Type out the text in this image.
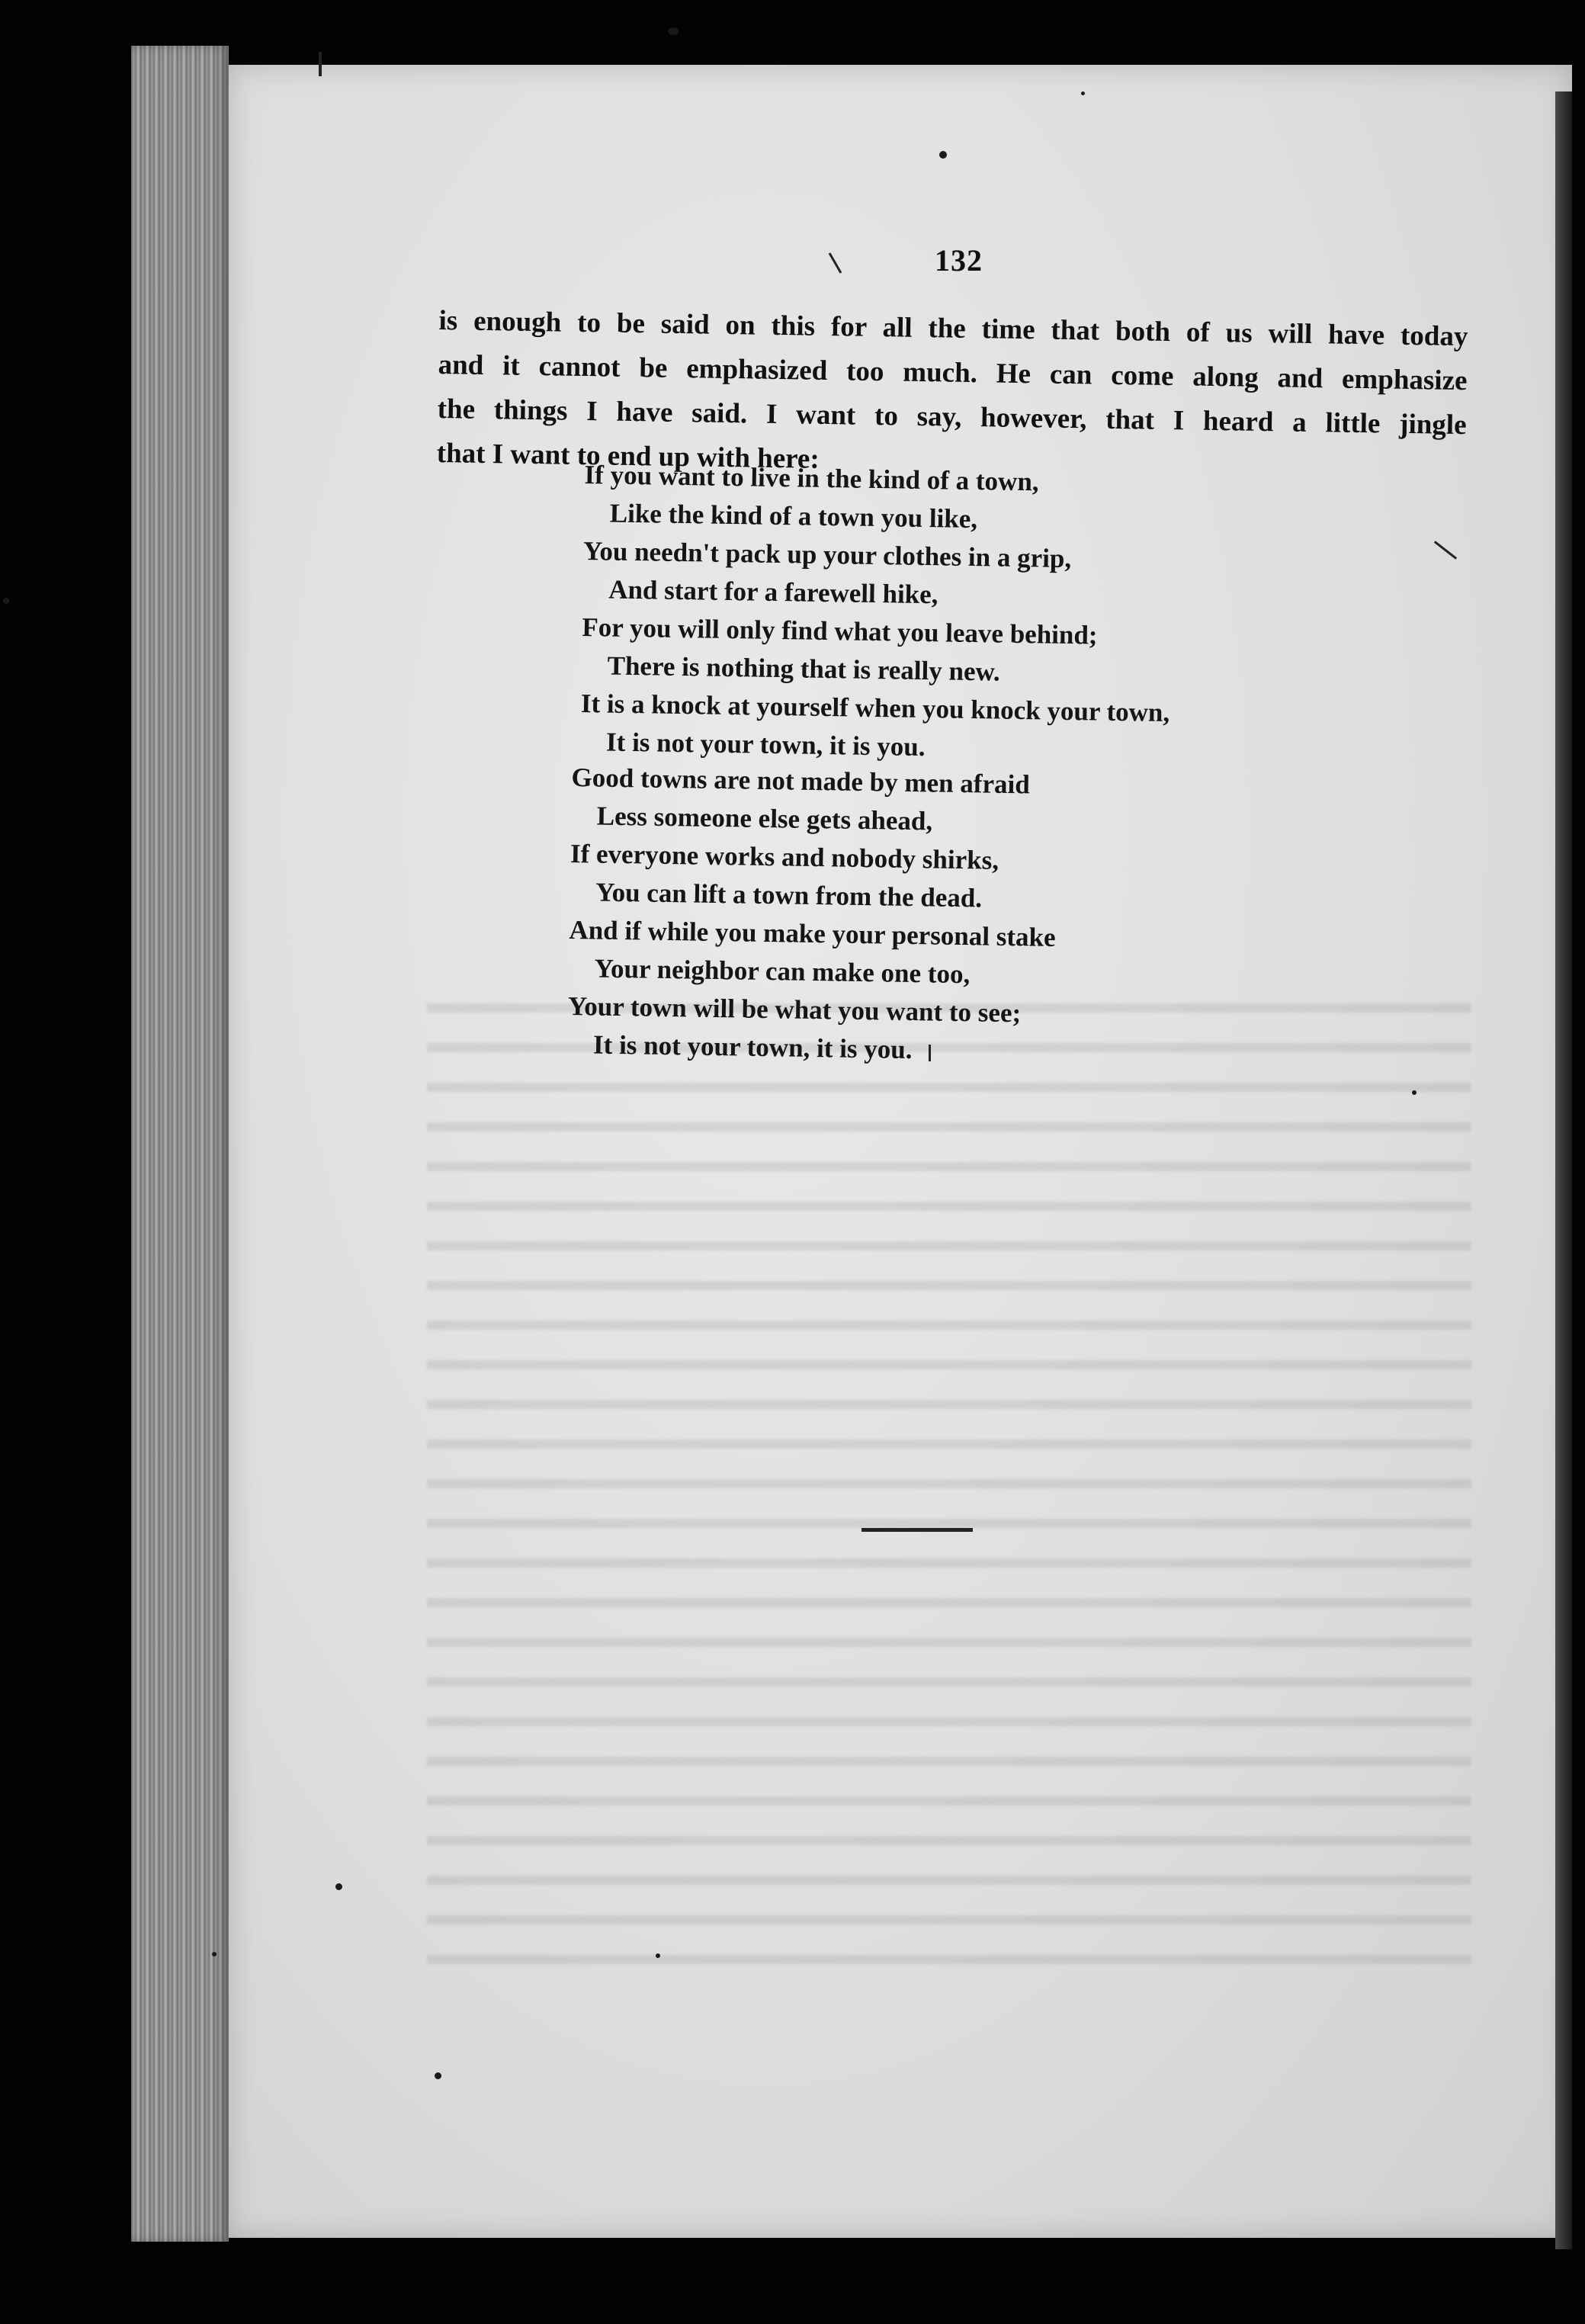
132
is enough to be said on this for all the time that both of us will have today
and it cannot be emphasized too much. He can come along and emphasize
the things I have said. I want to say, however, that I heard a little jingle
that I want to end up with here:
If you want to live in the kind of a town,
Like the kind of a town you like,
You needn't pack up your clothes in a grip,
And start for a farewell hike,
For you will only find what you leave behind;
There is nothing that is really new.
It is a knock at yourself when you knock your town,
It is not your town, it is you.
Good towns are not made by men afraid
Less someone else gets ahead,
If everyone works and nobody shirks,
You can lift a town from the dead.
And if while you make your personal stake
Your neighbor can make one too,
Your town will be what you want to see;
It is not your town, it is you.
